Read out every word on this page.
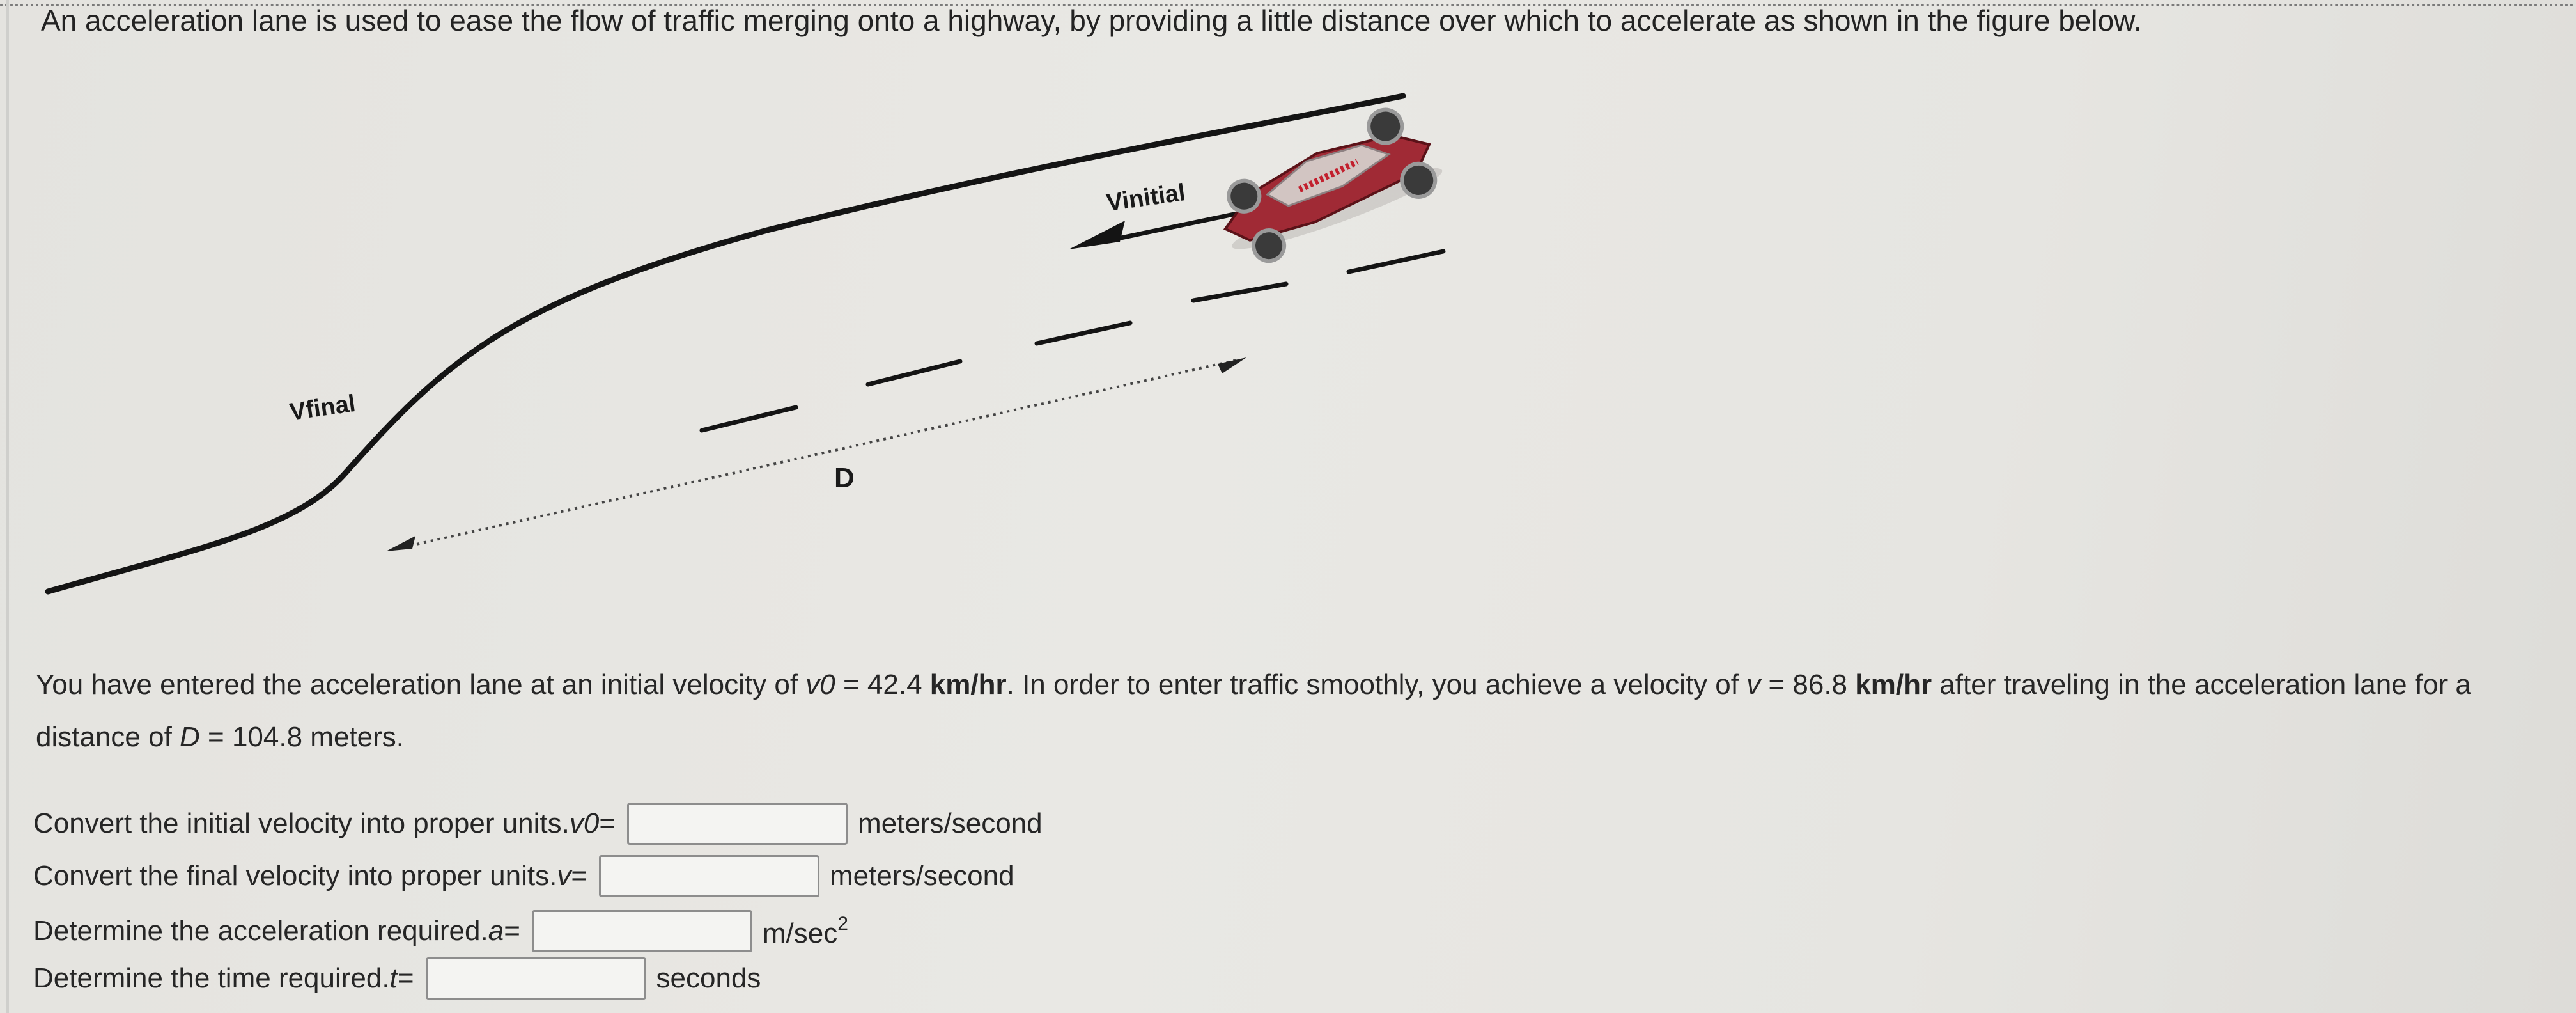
An acceleration lane is used to ease the flow of traffic merging onto a highway, by providing a little distance over which to accelerate as shown in the figure below.
Vfinal
Vinitial
D
You have entered the acceleration lane at an initial velocity of v0 = 42.4 km/hr. In order to enter traffic smoothly, you achieve a velocity of v = 86.8 km/hr after traveling in the acceleration lane for a distance of D = 104.8 meters.
Convert the initial velocity into proper units. v0 =	meters/second
Convert the final velocity into proper units. v =	meters/second
Determine the acceleration required. a =	$m/\sec^2$
Determine the time required. t =	seconds
